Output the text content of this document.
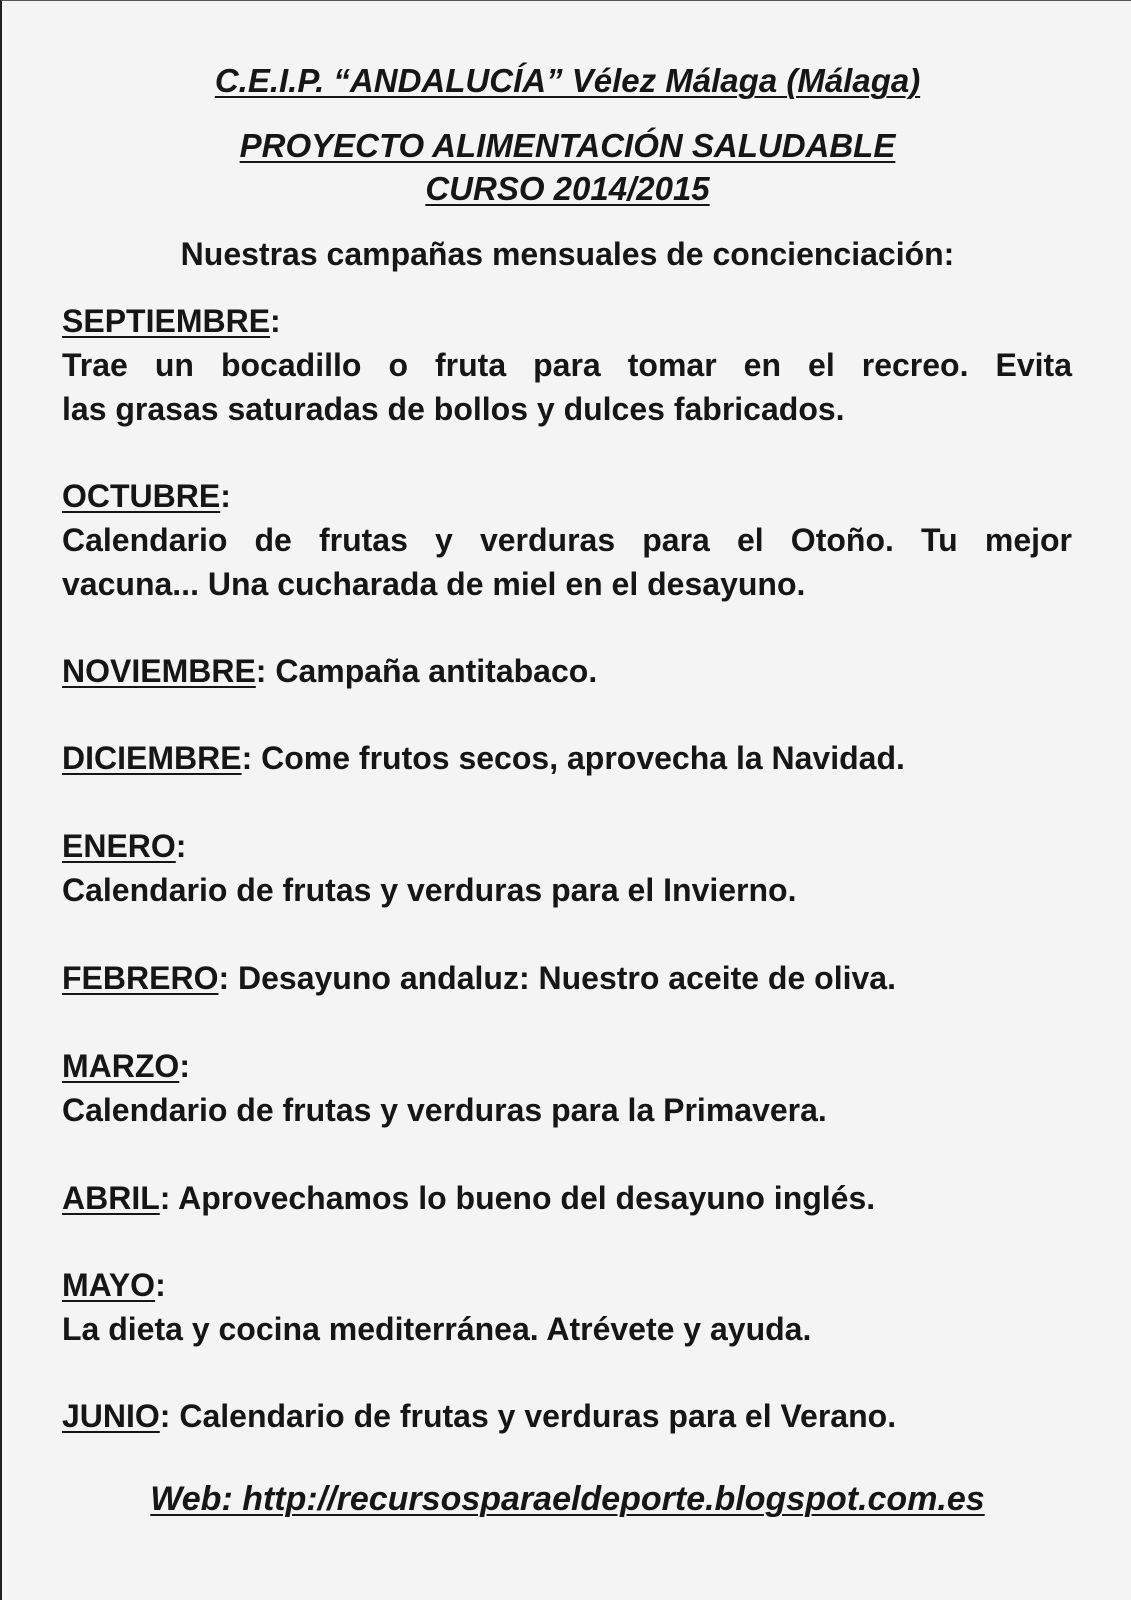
C.E.I.P. “ANDALUCÍA” Vélez Málaga (Málaga)
PROYECTO ALIMENTACIÓN SALUDABLE
CURSO 2014/2015
Nuestras campañas mensuales de concienciación:
SEPTIEMBRE:
Trae un bocadillo o fruta para tomar en el recreo. Evita
las grasas saturadas de bollos y dulces fabricados.
OCTUBRE:
Calendario de frutas y verduras para el Otoño. Tu mejor
vacuna... Una cucharada de miel en el desayuno.
NOVIEMBRE: Campaña antitabaco.
DICIEMBRE: Come frutos secos, aprovecha la Navidad.
ENERO:
Calendario de frutas y verduras para el Invierno.
FEBRERO: Desayuno andaluz: Nuestro aceite de oliva.
MARZO:
Calendario de frutas y verduras para la Primavera.
ABRIL: Aprovechamos lo bueno del desayuno inglés.
MAYO:
La dieta y cocina mediterránea. Atrévete y ayuda.
JUNIO: Calendario de frutas y verduras para el Verano.
Web: http://recursosparaeldeporte.blogspot.com.es
